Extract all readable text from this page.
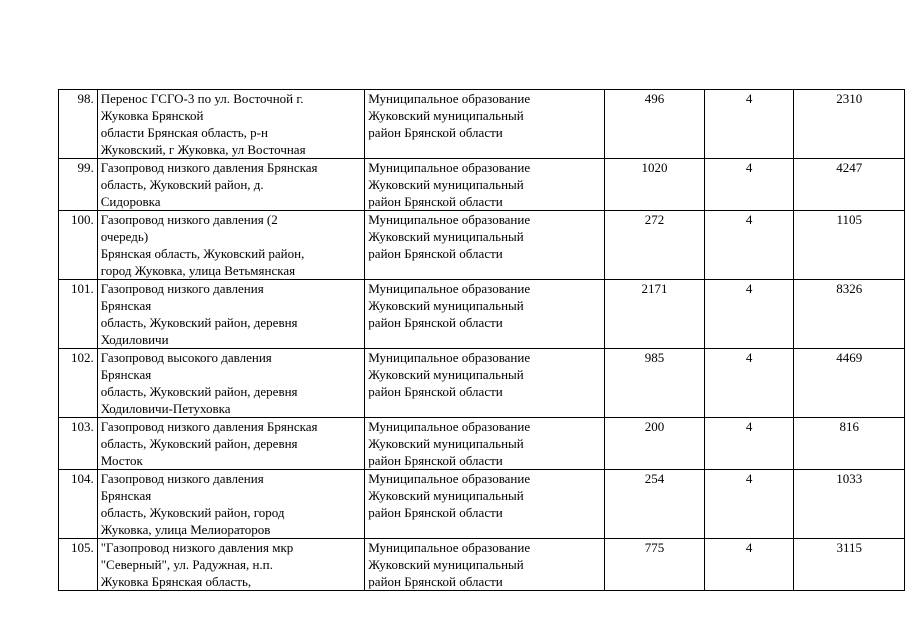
98.	Перенос ГСГО-3 по ул. Восточной г.
Жуковка Брянской
области Брянская область, р-н
Жуковский, г Жуковка, ул Восточная	Муниципальное образование
Жуковский муниципальный
район Брянской области	496	4	2310
99.	Газопровод низкого давления Брянская
область, Жуковский район, д.
Сидоровка	Муниципальное образование
Жуковский муниципальный
район Брянской области	1020	4	4247
100.	Газопровод низкого давления (2
очередь)
Брянская область, Жуковский район,
город Жуковка, улица Ветьмянская	Муниципальное образование
Жуковский муниципальный
район Брянской области	272	4	1105
101.	Газопровод низкого давления
Брянская
область, Жуковский район, деревня
Ходиловичи	Муниципальное образование
Жуковский муниципальный
район Брянской области	2171	4	8326
102.	Газопровод высокого давления
Брянская
область, Жуковский район, деревня
Ходиловичи-Петуховка	Муниципальное образование
Жуковский муниципальный
район Брянской области	985	4	4469
103.	Газопровод низкого давления Брянская
область, Жуковский район, деревня
Мосток	Муниципальное образование
Жуковский муниципальный
район Брянской области	200	4	816
104.	Газопровод низкого давления
Брянская
область, Жуковский район, город
Жуковка, улица Мелиораторов	Муниципальное образование
Жуковский муниципальный
район Брянской области	254	4	1033
105.	"Газопровод низкого давления мкр
"Северный", ул. Радужная, н.п.
Жуковка Брянская область,	Муниципальное образование
Жуковский муниципальный
район Брянской области	775	4	3115
